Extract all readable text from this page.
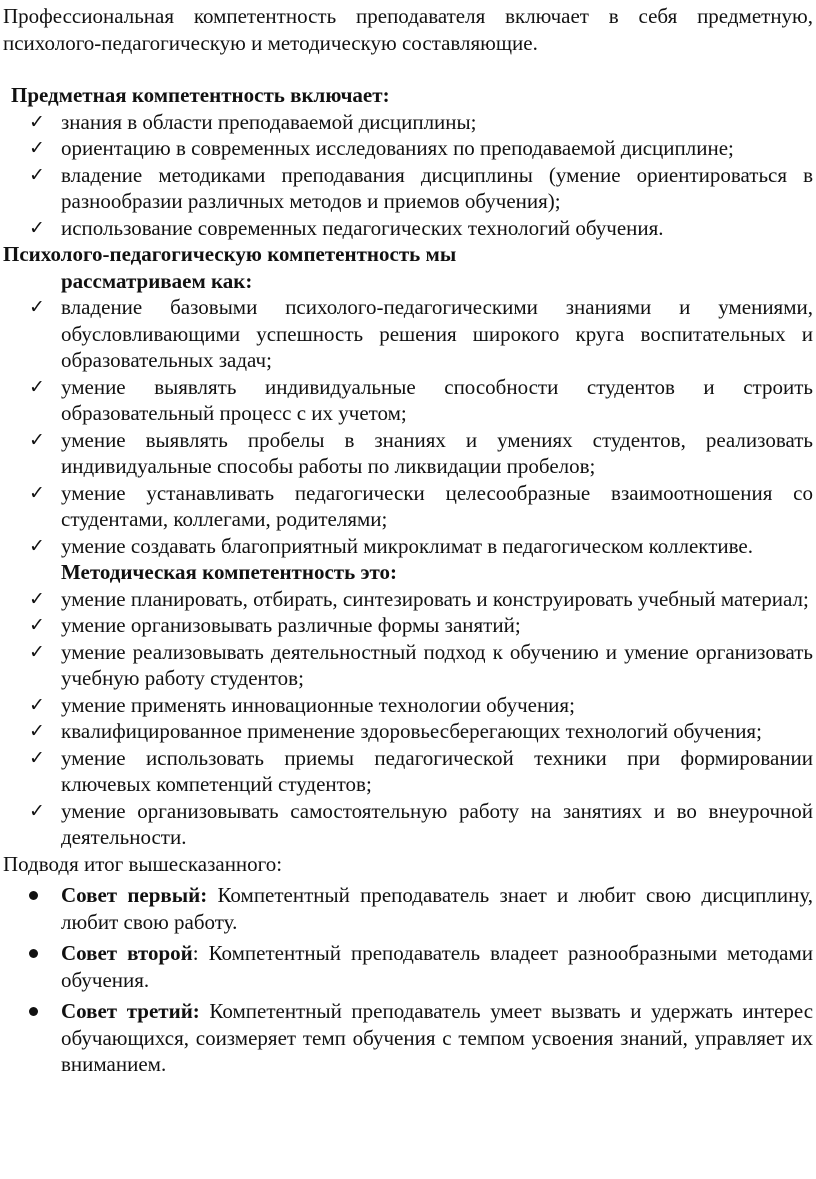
Профессиональная компетентность преподавателя включает в себя предметную, психолого-педагогическую и методическую составляющие.

Предметная компетентность включает:

✓ знания в области преподаваемой дисциплины;
✓ ориентацию в современных исследованиях по преподаваемой дисциплине;
✓ владение методиками преподавания дисциплины (умение ориентироваться в разнообразии различных методов и приемов обучения);
✓ использование современных педагогических технологий обучения.

Психолого-педагогическую компетентность мы
рассматриваем как:

✓ владение базовыми психолого-педагогическими знаниями и умениями, обусловливающими успешность решения широкого круга воспитательных и образовательных задач;
✓ умение выявлять индивидуальные способности студентов и строить образовательный процесс с их учетом;
✓ умение выявлять пробелы в знаниях и умениях студентов, реализовать индивидуальные способы работы по ликвидации пробелов;
✓ умение устанавливать педагогически целесообразные взаимоотношения со студентами, коллегами, родителями;
✓ умение создавать благоприятный микроклимат в педагогическом коллективе.

Методическая компетентность это:

✓ умение планировать, отбирать, синтезировать и конструировать учебный материал;
✓ умение организовывать различные формы занятий;
✓ умение реализовывать деятельностный подход к обучению и умение организовать учебную работу студентов;
✓ умение применять инновационные технологии обучения;
✓ квалифицированное применение здоровьесберегающих технологий обучения;
✓ умение использовать приемы педагогической техники при формировании ключевых компетенций студентов;
✓ умение организовывать самостоятельную работу на занятиях и во внеурочной деятельности.

Подводя итог вышесказанного:

Совет первый: Компетентный преподаватель знает и любит свою дисциплину, любит свою работу.
Совет второй: Компетентный преподаватель владеет разнообразными методами обучения.
Совет третий: Компетентный преподаватель умеет вызвать и удержать интерес обучающихся, соизмеряет темп обучения с темпом усвоения знаний, управляет их вниманием.
